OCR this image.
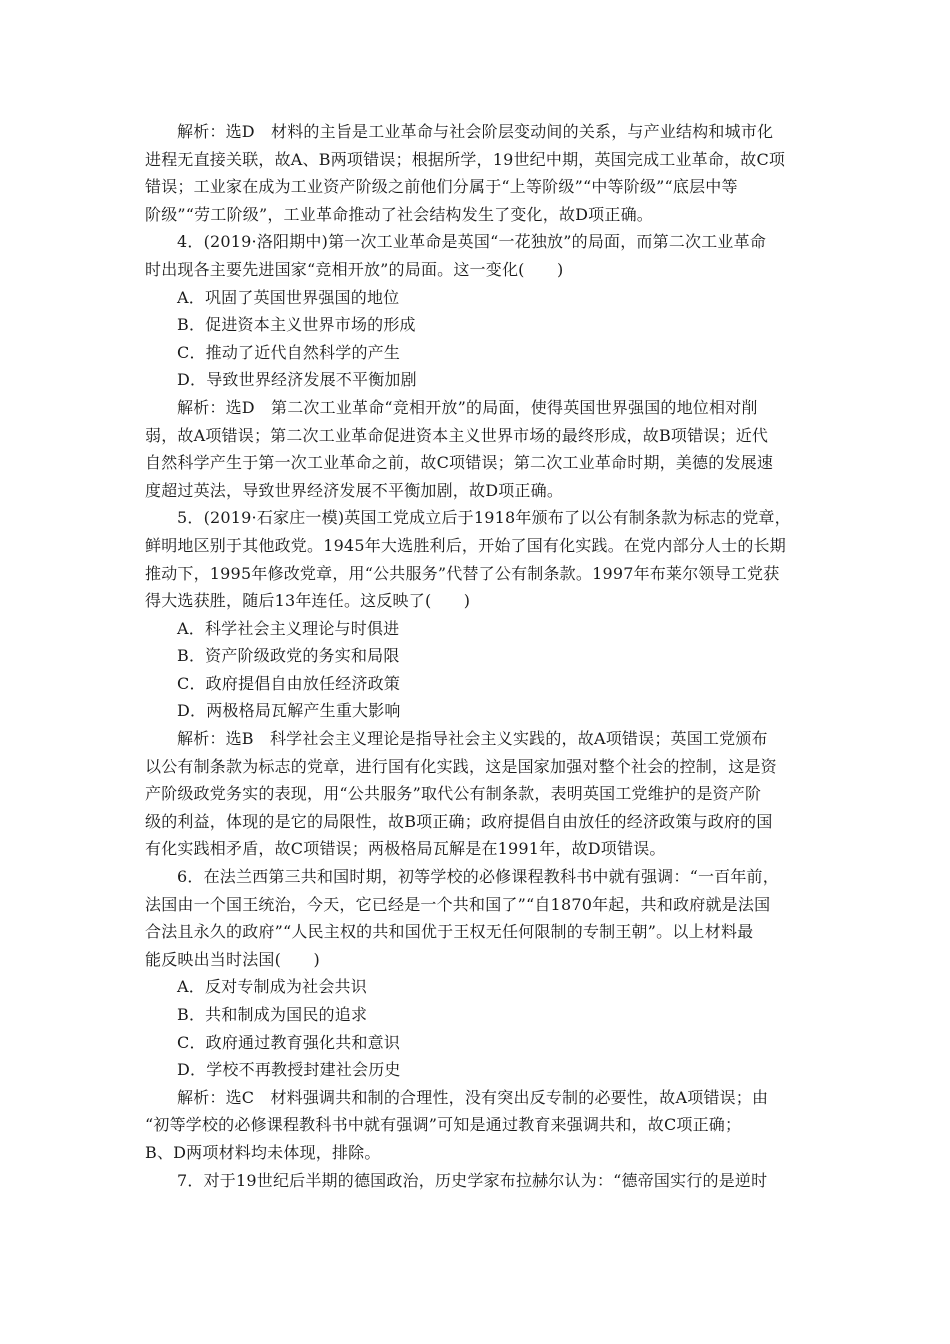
解析：选D　材料的主旨是工业革命与社会阶层变动间的关系，与产业结构和城市化
进程无直接关联，故A、B两项错误；根据所学，19世纪中期，英国完成工业革命，故C项
错误；工业家在成为工业资产阶级之前他们分属于“上等阶级”“中等阶级”“底层中等
阶级”“劳工阶级”，工业革命推动了社会结构发生了变化，故D项正确。
4．(2019·洛阳期中)第一次工业革命是英国“一花独放”的局面，而第二次工业革命
时出现各主要先进国家“竞相开放”的局面。这一变化(　　)
A．巩固了英国世界强国的地位
B．促进资本主义世界市场的形成
C．推动了近代自然科学的产生
D．导致世界经济发展不平衡加剧
解析：选D　第二次工业革命“竞相开放”的局面，使得英国世界强国的地位相对削
弱，故A项错误；第二次工业革命促进资本主义世界市场的最终形成，故B项错误；近代
自然科学产生于第一次工业革命之前，故C项错误；第二次工业革命时期，美德的发展速
度超过英法，导致世界经济发展不平衡加剧，故D项正确。
5．(2019·石家庄一模)英国工党成立后于1918年颁布了以公有制条款为标志的党章，
鲜明地区别于其他政党。1945年大选胜利后，开始了国有化实践。在党内部分人士的长期
推动下，1995年修改党章，用“公共服务”代替了公有制条款。1997年布莱尔领导工党获
得大选获胜，随后13年连任。这反映了(　　)
A．科学社会主义理论与时俱进
B．资产阶级政党的务实和局限
C．政府提倡自由放任经济政策
D．两极格局瓦解产生重大影响
解析：选B　科学社会主义理论是指导社会主义实践的，故A项错误；英国工党颁布
以公有制条款为标志的党章，进行国有化实践，这是国家加强对整个社会的控制，这是资
产阶级政党务实的表现，用“公共服务”取代公有制条款，表明英国工党维护的是资产阶
级的利益，体现的是它的局限性，故B项正确；政府提倡自由放任的经济政策与政府的国
有化实践相矛盾，故C项错误；两极格局瓦解是在1991年，故D项错误。
6．在法兰西第三共和国时期，初等学校的必修课程教科书中就有强调：“一百年前，
法国由一个国王统治，今天，它已经是一个共和国了”“自1870年起，共和政府就是法国
合法且永久的政府”“人民主权的共和国优于王权无任何限制的专制王朝”。以上材料最
能反映出当时法国(　　)
A．反对专制成为社会共识
B．共和制成为国民的追求
C．政府通过教育强化共和意识
D．学校不再教授封建社会历史
解析：选C　材料强调共和制的合理性，没有突出反专制的必要性，故A项错误；由
“初等学校的必修课程教科书中就有强调”可知是通过教育来强调共和，故C项正确；
B、D两项材料均未体现，排除。
7．对于19世纪后半期的德国政治，历史学家布拉赫尔认为：“德帝国实行的是逆时
